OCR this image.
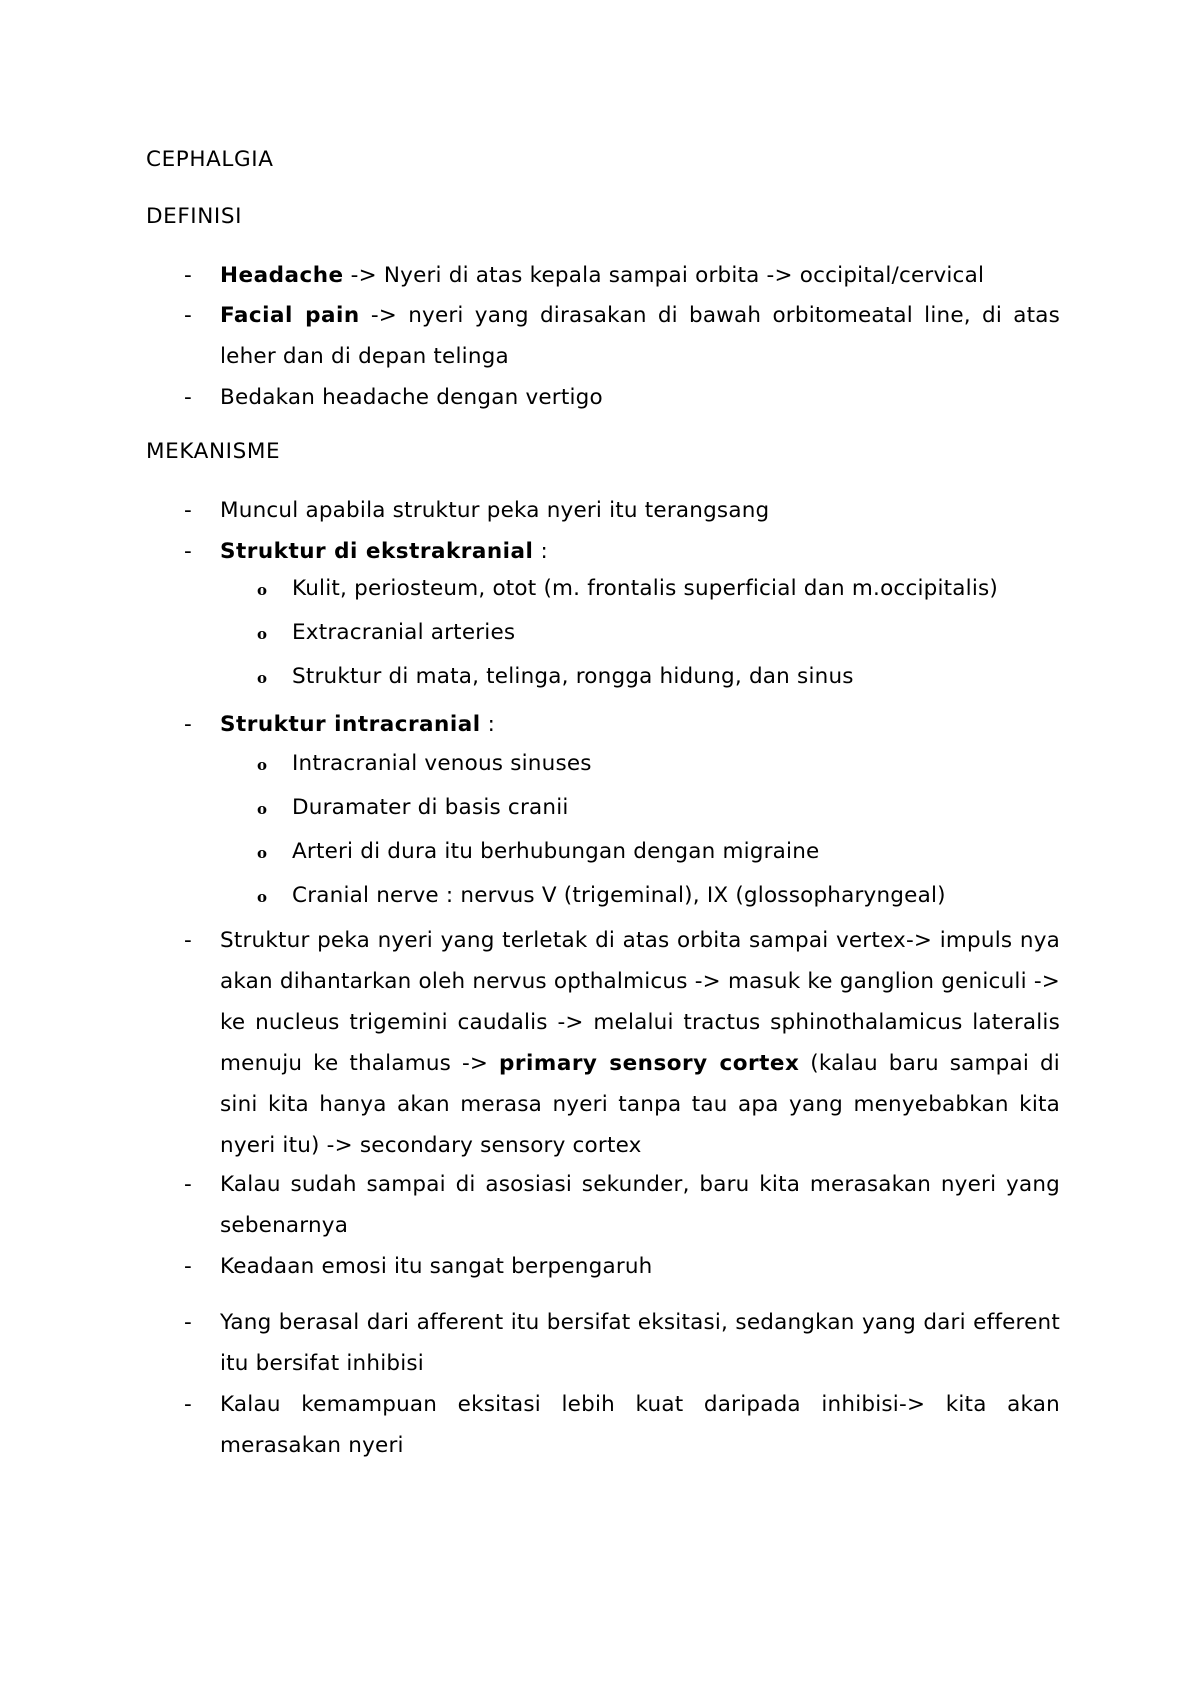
CEPHALGIA
DEFINISI
-	Headache -> Nyeri di atas kepala sampai orbita -> occipital/cervical
-	Facial pain -> nyeri yang dirasakan di bawah orbitomeatal line, di atas leher dan di depan telinga
-	Bedakan headache dengan vertigo
MEKANISME
-	Muncul apabila struktur peka nyeri itu terangsang
-	Struktur di ekstrakranial :
o Kulit, periosteum, otot (m. frontalis superficial dan m.occipitalis)
o Extracranial arteries
o Struktur di mata, telinga, rongga hidung, dan sinus
-	Struktur intracranial :
o Intracranial venous sinuses
o Duramater di basis cranii
o Arteri di dura itu berhubungan dengan migraine
o Cranial nerve : nervus V (trigeminal), IX (glossopharyngeal)
-	Struktur peka nyeri yang terletak di atas orbita sampai vertex-> impuls nya akan dihantarkan oleh nervus opthalmicus -> masuk ke ganglion geniculi -> ke nucleus trigemini caudalis -> melalui tractus sphinothalamicus lateralis menuju ke thalamus -> primary sensory cortex (kalau baru sampai di sini kita hanya akan merasa nyeri tanpa tau apa yang menyebabkan kita nyeri itu) -> secondary sensory cortex
-	Kalau sudah sampai di asosiasi sekunder, baru kita merasakan nyeri yang sebenarnya
-	Keadaan emosi itu sangat berpengaruh
-	Yang berasal dari afferent itu bersifat eksitasi, sedangkan yang dari efferent itu bersifat inhibisi
-	Kalau kemampuan eksitasi lebih kuat daripada inhibisi-> kita akan merasakan nyeri
